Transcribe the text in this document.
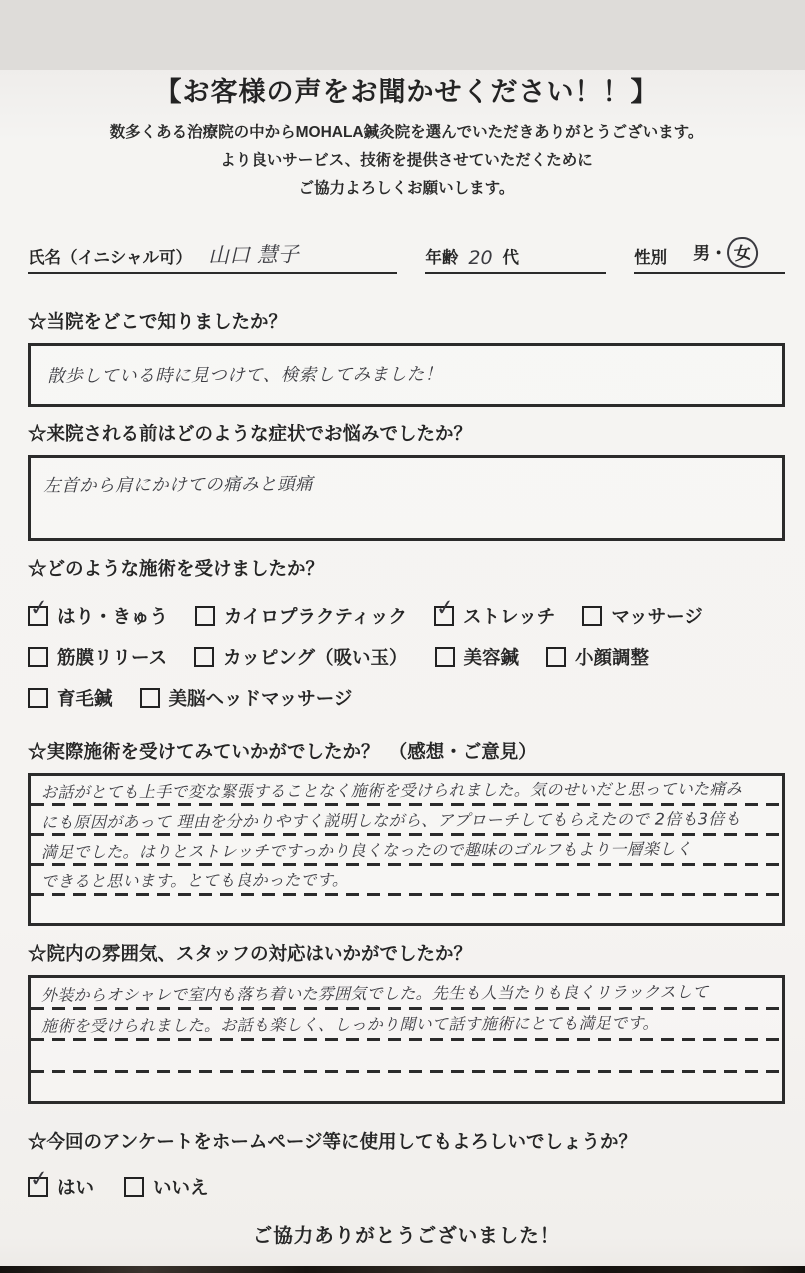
【お客様の声をお聞かせください！！】
数多くある治療院の中からMOHALA鍼灸院を選んでいただきありがとうございます。
より良いサービス、技術を提供させていただくために
ご協力よろしくお願いします。
氏名（イニシャル可） 山口 慧子	年齢 20 代	性別 男・ 女
☆当院をどこで知りましたか？
散歩している時に見つけて、検索してみました！
☆来院される前はどのような症状でお悩みでしたか？
左首から肩にかけての痛みと頭痛
☆どのような施術を受けましたか？
✓ はり・きゅう	カイロプラクティック ✓ ストレッチ	マッサージ
筋膜リリース	カッピング（吸い玉）	美容鍼	小顔調整
育毛鍼	美脳ヘッドマッサージ
☆実際施術を受けてみていかがでしたか？　（感想・ご意見）
お話がとても上手で変な緊張することなく施術を受けられました。気のせいだと思っていた痛み
にも原因があって 理由を分かりやすく説明しながら、アプローチしてもらえたので 2倍も3倍も
満足でした。はりとストレッチですっかり良くなったので趣味のゴルフもより一層楽しく
できると思います。とても良かったです。
☆院内の雰囲気、スタッフの対応はいかがでしたか？
外装からオシャレで室内も落ち着いた雰囲気でした。先生も人当たりも良くリラックスして
施術を受けられました。お話も楽しく、しっかり聞いて話す施術にとても満足です。
☆今回のアンケートをホームページ等に使用してもよろしいでしょうか？
✓ はい	いいえ
ご協力ありがとうございました！
